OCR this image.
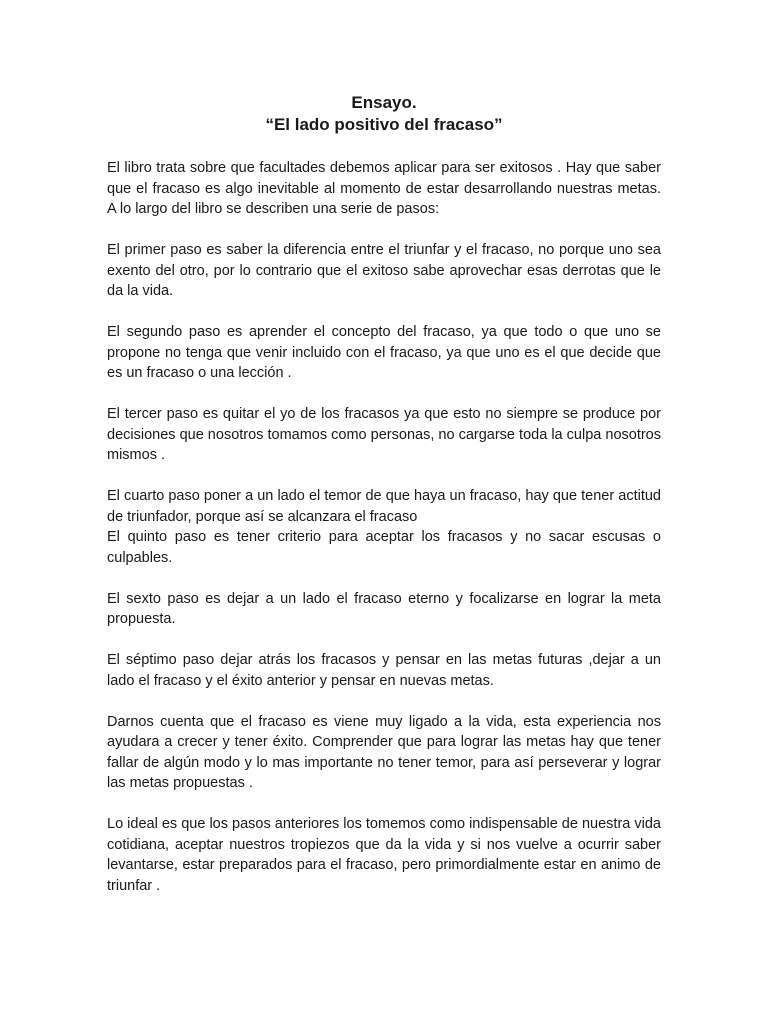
Ensayo.
“El lado positivo del fracaso”

El libro trata sobre que facultades debemos aplicar para ser exitosos . Hay que saber que el fracaso es algo inevitable al momento de estar desarrollando nuestras metas. A lo largo del libro se describen una serie de pasos:

El primer paso es saber la diferencia entre el triunfar y el fracaso, no porque uno sea exento del otro, por lo contrario que el exitoso sabe aprovechar esas derrotas que le da la vida.

El segundo paso es aprender el concepto del fracaso, ya que todo o que uno se propone no tenga que venir incluido con el fracaso, ya que uno es el que decide que es un fracaso o una lección .

El tercer paso es quitar el yo de los fracasos ya que esto no siempre se produce por decisiones que nosotros tomamos como personas, no cargarse toda la culpa nosotros mismos .

El cuarto paso poner a un lado el temor de que haya un fracaso, hay que tener actitud de triunfador, porque así se alcanzara el fracaso

El quinto paso es tener criterio para aceptar los fracasos y no sacar escusas o culpables.

El sexto paso es dejar a un lado el fracaso eterno y focalizarse en lograr la meta propuesta.

El séptimo paso dejar atrás los fracasos y pensar en las metas futuras ,dejar a un lado el fracaso y el éxito anterior y pensar en nuevas metas.

Darnos cuenta que el fracaso es viene muy ligado a la vida, esta experiencia nos ayudara a crecer y tener éxito. Comprender que para lograr las metas hay que tener fallar de algún modo y lo mas importante no tener temor, para así perseverar y lograr las metas propuestas .

Lo ideal es que los pasos anteriores los tomemos como indispensable de nuestra vida cotidiana, aceptar nuestros tropiezos que da la vida y si nos vuelve a ocurrir saber levantarse, estar preparados para el fracaso, pero primordialmente estar en animo de triunfar .
